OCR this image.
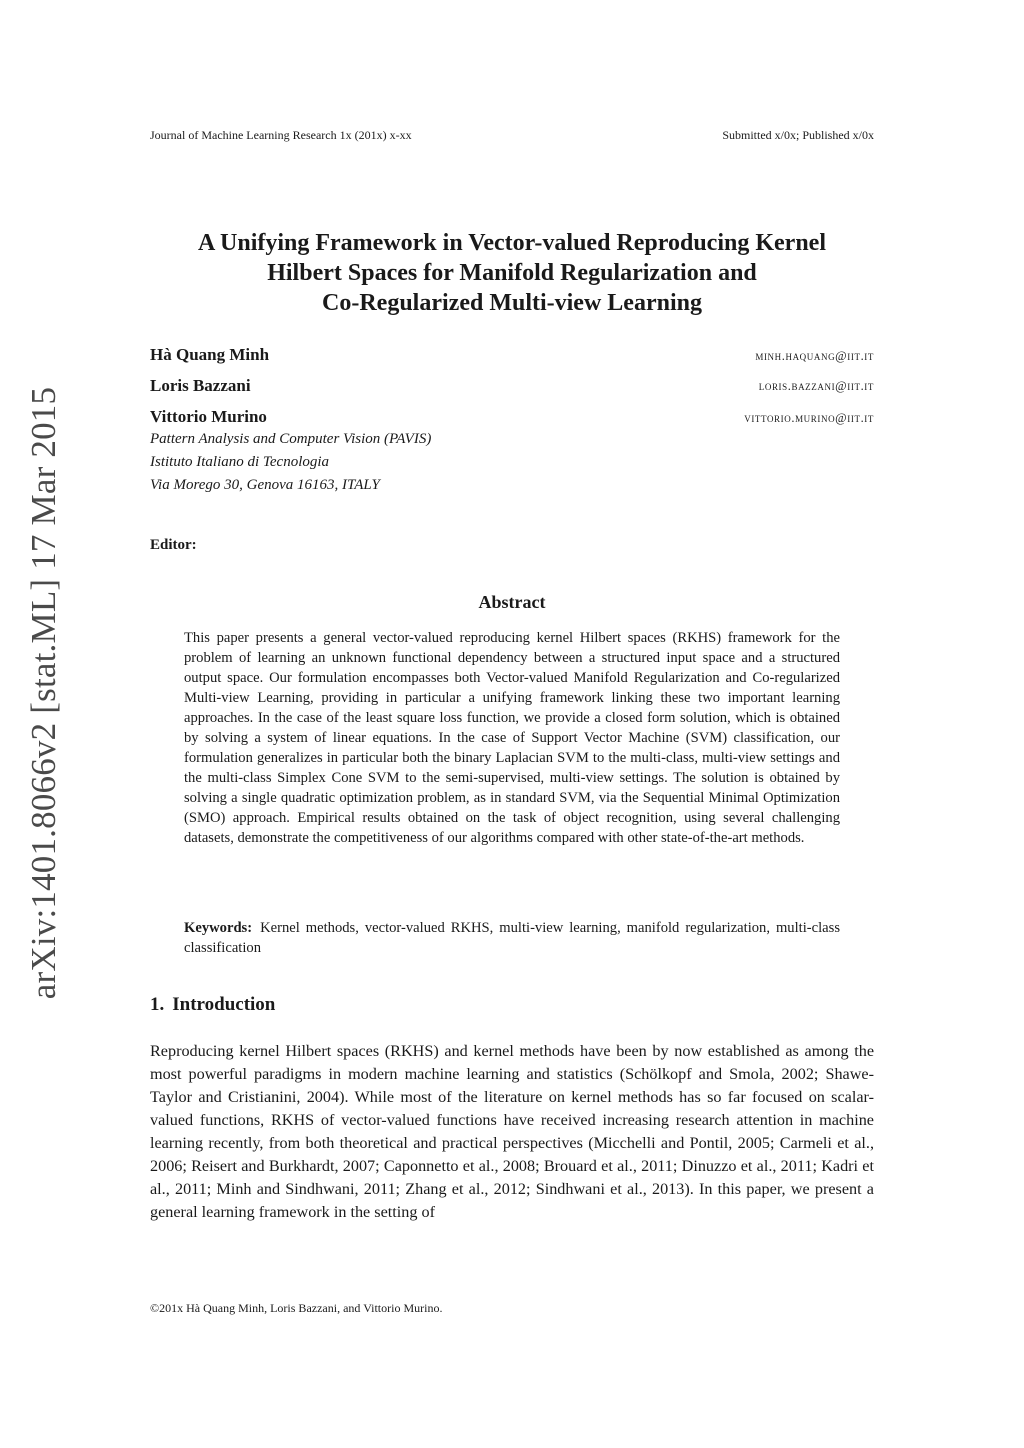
arXiv:1401.8066v2 [stat.ML] 17 Mar 2015
Journal of Machine Learning Research 1x (201x) x-xx	Submitted x/0x; Published x/0x
A Unifying Framework in Vector-valued Reproducing Kernel
Hilbert Spaces for Manifold Regularization and
Co-Regularized Multi-view Learning
Hà Quang Minh	minh.haquang@iit.it
Loris Bazzani	loris.bazzani@iit.it
Vittorio Murino	vittorio.murino@iit.it
Pattern Analysis and Computer Vision (PAVIS)
Istituto Italiano di Tecnologia
Via Morego 30, Genova 16163, ITALY
Editor:
Abstract
This paper presents a general vector-valued reproducing kernel Hilbert spaces (RKHS) framework for the problem of learning an unknown functional dependency between a structured input space and a structured output space. Our formulation encompasses both Vector-valued Manifold Regularization and Co-regularized Multi-view Learning, providing in particular a unifying framework linking these two important learning approaches. In the case of the least square loss function, we provide a closed form solution, which is obtained by solving a system of linear equations. In the case of Support Vector Machine (SVM) classification, our formulation generalizes in particular both the binary Laplacian SVM to the multi-class, multi-view settings and the multi-class Simplex Cone SVM to the semi-supervised, multi-view settings. The solution is obtained by solving a single quadratic optimization problem, as in standard SVM, via the Sequential Minimal Optimization (SMO) approach. Empirical results obtained on the task of object recognition, using several challenging datasets, demonstrate the competitiveness of our algorithms compared with other state-of-the-art methods.
Keywords: Kernel methods, vector-valued RKHS, multi-view learning, manifold regularization, multi-class classification
1. Introduction
Reproducing kernel Hilbert spaces (RKHS) and kernel methods have been by now established as among the most powerful paradigms in modern machine learning and statistics (Schölkopf and Smola, 2002; Shawe-Taylor and Cristianini, 2004). While most of the literature on kernel methods has so far focused on scalar-valued functions, RKHS of vector-valued functions have received increasing research attention in machine learning recently, from both theoretical and practical perspectives (Micchelli and Pontil, 2005; Carmeli et al., 2006; Reisert and Burkhardt, 2007; Caponnetto et al., 2008; Brouard et al., 2011; Dinuzzo et al., 2011; Kadri et al., 2011; Minh and Sindhwani, 2011; Zhang et al., 2012; Sindhwani et al., 2013). In this paper, we present a general learning framework in the setting of
©201x Hà Quang Minh, Loris Bazzani, and Vittorio Murino.
